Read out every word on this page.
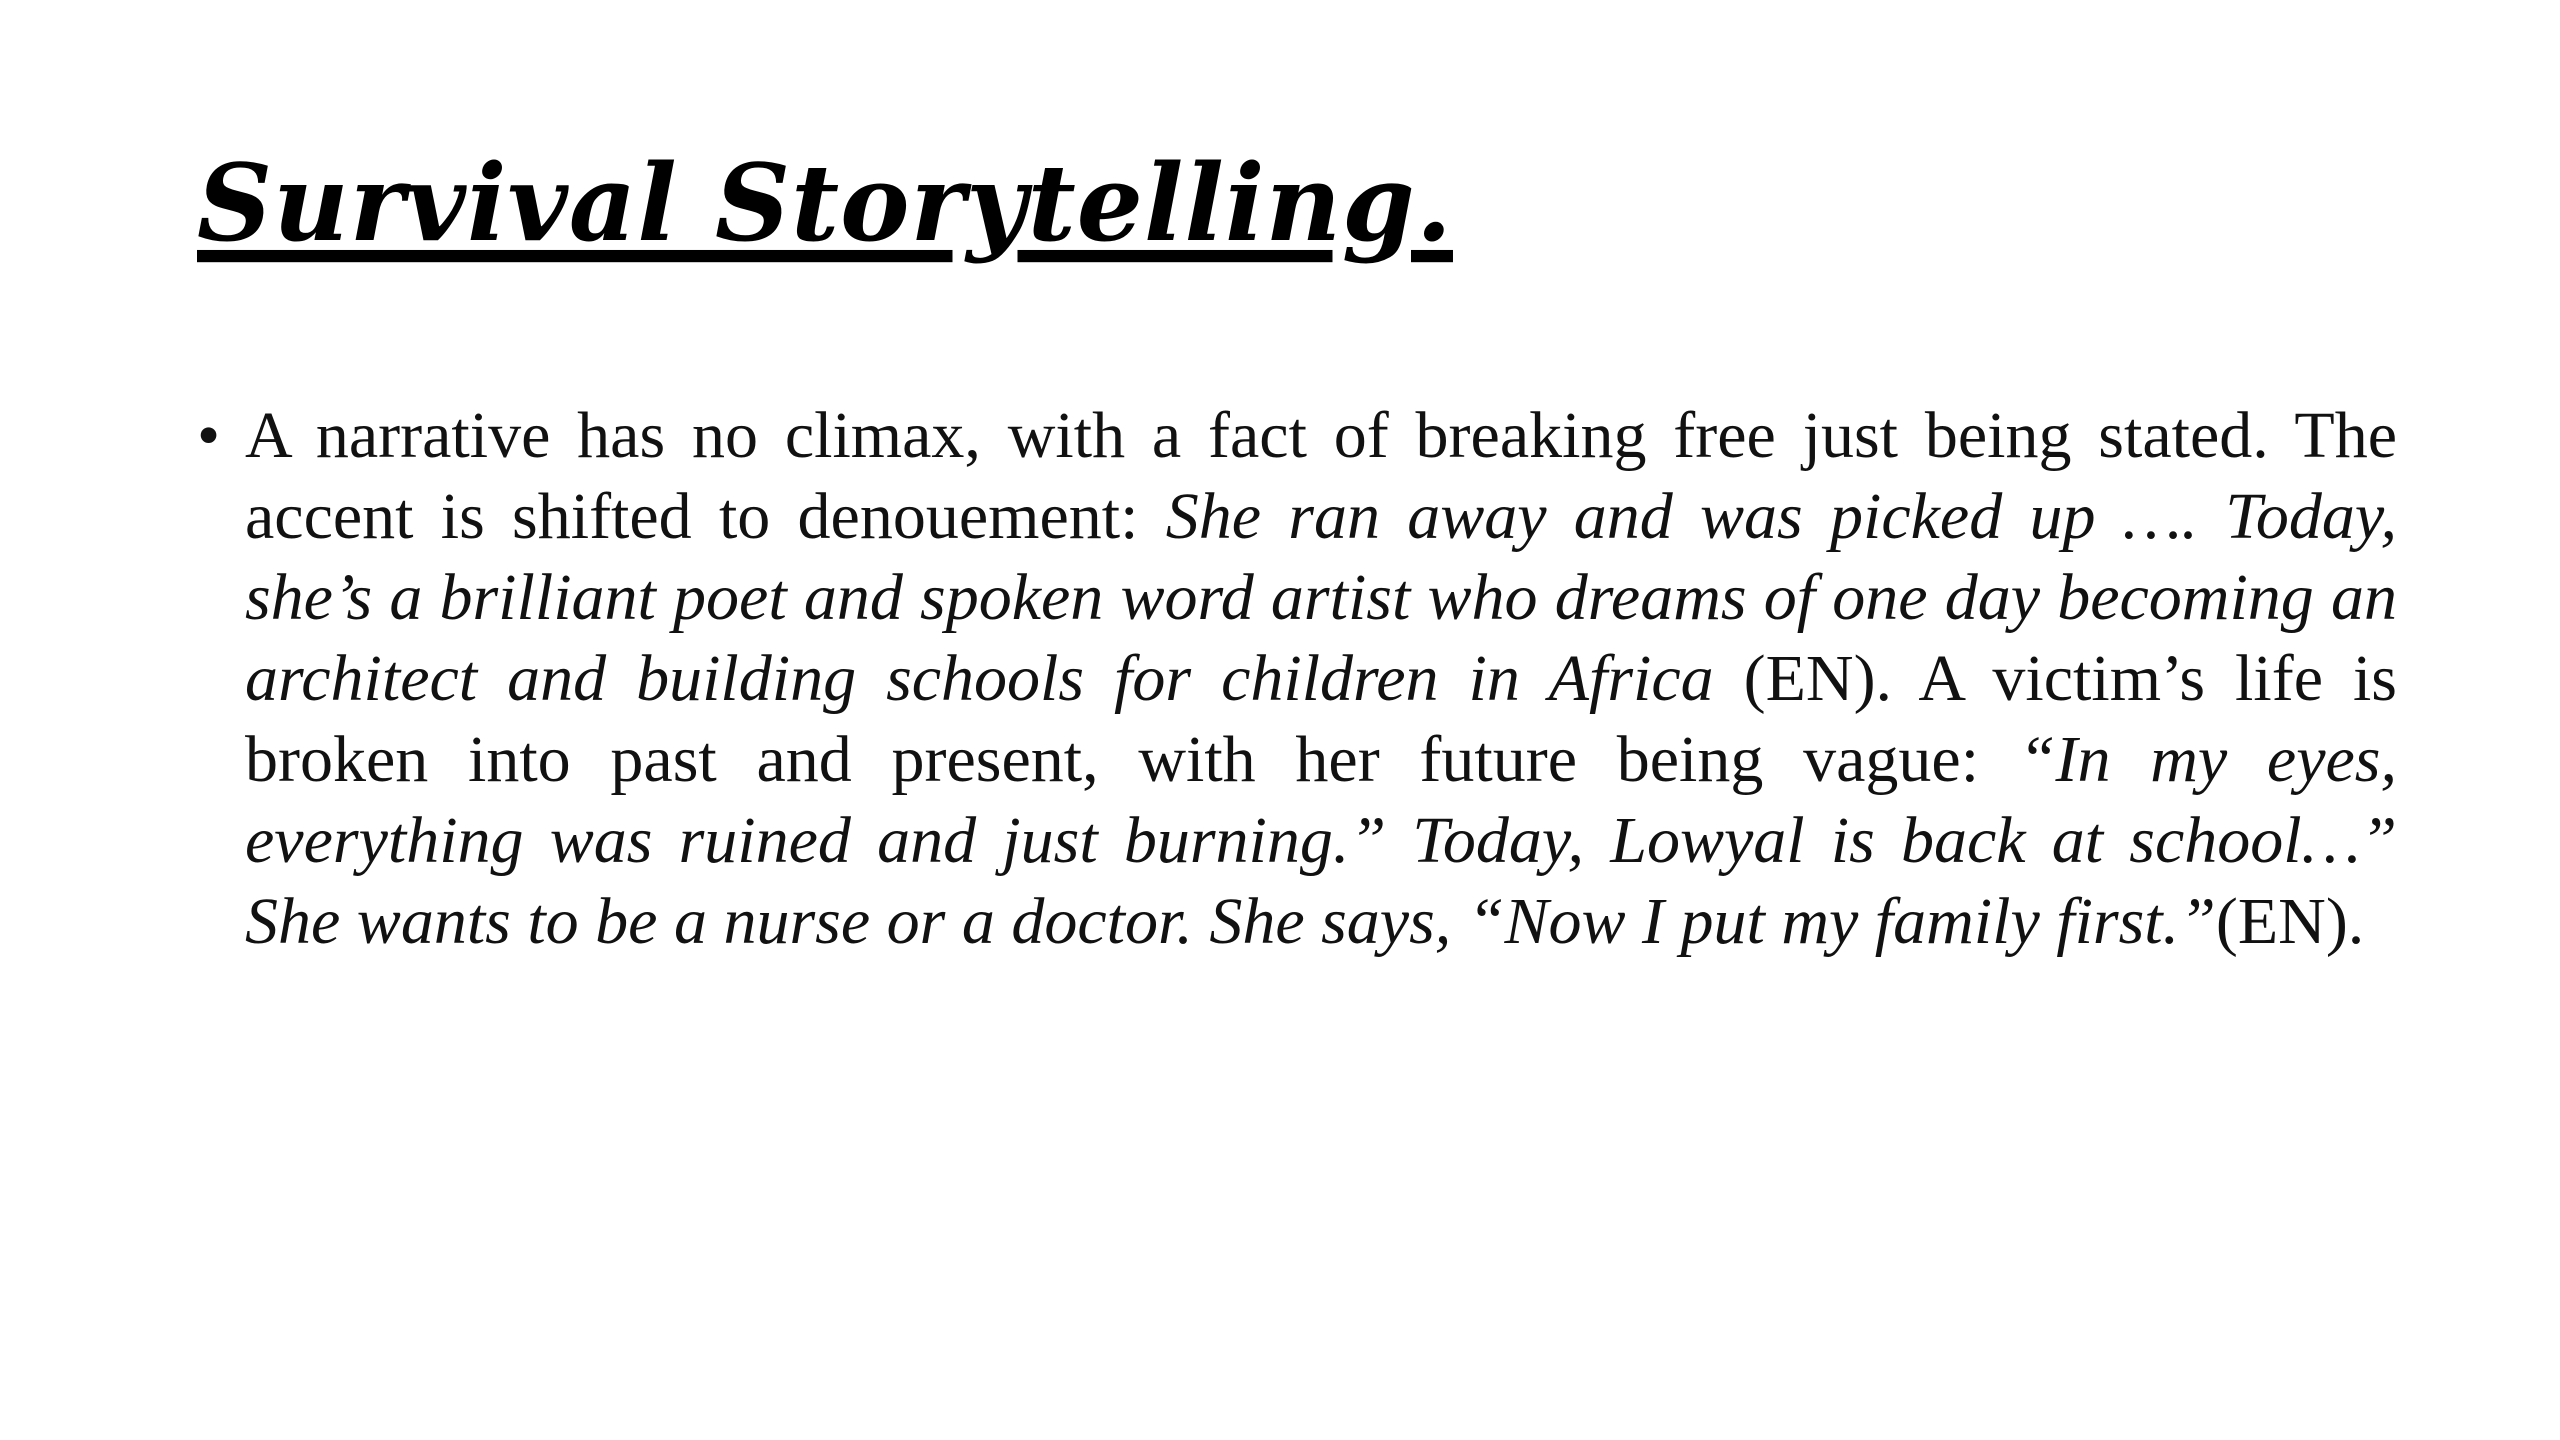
Survival Storytelling.
• A narrative has no climax, with a fact of breaking free just being stated. The accent is shifted to denouement: She ran away and was picked up …. Today, she’s a brilliant poet and spoken word artist who dreams of one day becoming an architect and building schools for children in Africa (EN). A victim’s life is broken into past and present, with her future being vague: “In my eyes, everything was ruined and just burning.” Today, Lowyal is back at school…” She wants to be a nurse or a doctor. She says, “Now I put my family first.”(EN).
